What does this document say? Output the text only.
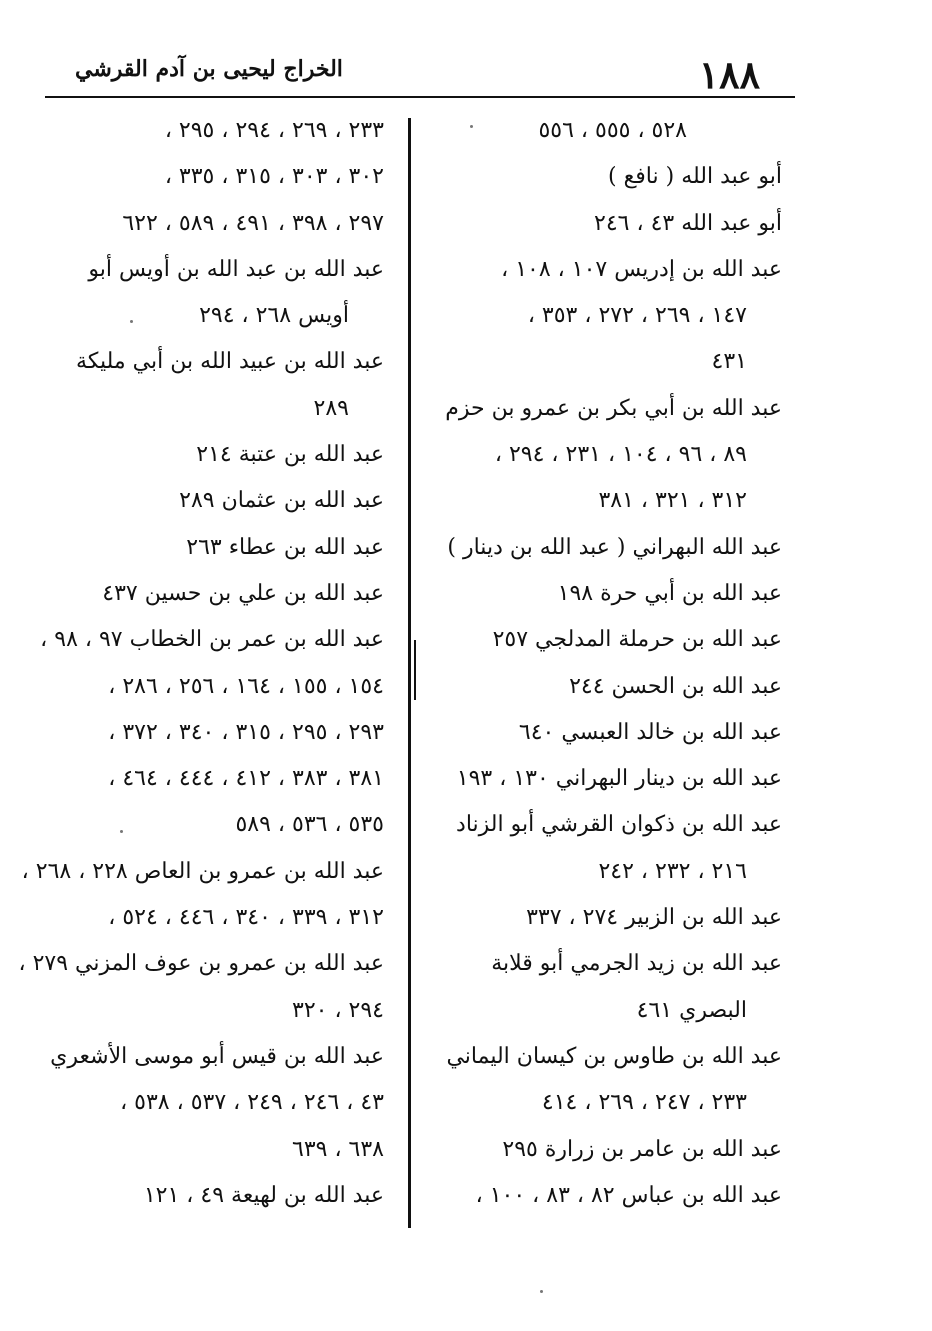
١٨٨
الخراج ليحيى بن آدم القرشي
٥٢٨ ، ٥٥٥ ، ٥٥٦
أبو عبد الله ( نافع )
أبو عبد الله ٤٣ ، ٢٤٦
عبد الله بن إدريس ١٠٧ ، ١٠٨ ،
١٤٧ ، ٢٦٩ ، ٢٧٢ ، ٣٥٣ ،
٤٣١
عبد الله بن أبي بكر بن عمرو بن حزم
٨٩ ، ٩٦ ، ١٠٤ ، ٢٣١ ، ٢٩٤ ،
٣١٢ ، ٣٢١ ، ٣٨١
عبد الله البهراني ( عبد الله بن دينار )
عبد الله بن أبي حرة ١٩٨
عبد الله بن حرملة المدلجي ٢٥٧
عبد الله بن الحسن ٢٤٤
عبد الله بن خالد العبسي ٦٤٠
عبد الله بن دينار البهراني ١٣٠ ، ١٩٣
عبد الله بن ذكوان القرشي أبو الزناد
٢١٦ ، ٢٣٢ ، ٢٤٢
عبد الله بن الزبير ٢٧٤ ، ٣٣٧
عبد الله بن زيد الجرمي أبو قلابة
البصري ٤٦١
عبد الله بن طاوس بن كيسان اليماني
٢٣٣ ، ٢٤٧ ، ٢٦٩ ، ٤١٤
عبد الله بن عامر بن زرارة ٢٩٥
عبد الله بن عباس ٨٢ ، ٨٣ ، ١٠٠ ،
٢٣٣ ، ٢٦٩ ، ٢٩٤ ، ٢٩٥ ،
٣٠٢ ، ٣٠٣ ، ٣١٥ ، ٣٣٥ ،
٢٩٧ ، ٣٩٨ ، ٤٩١ ، ٥٨٩ ، ٦٢٢
عبد الله بن عبد الله بن أويس أبو
أويس ٢٦٨ ، ٢٩٤
عبد الله بن عبيد الله بن أبي مليكة
٢٨٩
عبد الله بن عتبة ٢١٤
عبد الله بن عثمان ٢٨٩
عبد الله بن عطاء ٢٦٣
عبد الله بن علي بن حسين ٤٣٧
عبد الله بن عمر بن الخطاب ٩٧ ، ٩٨ ،
١٥٤ ، ١٥٥ ، ١٦٤ ، ٢٥٦ ، ٢٨٦ ،
٢٩٣ ، ٢٩٥ ، ٣١٥ ، ٣٤٠ ، ٣٧٢ ،
٣٨١ ، ٣٨٣ ، ٤١٢ ، ٤٤٤ ، ٤٦٤ ،
٥٣٥ ، ٥٣٦ ، ٥٨٩
عبد الله بن عمرو بن العاص ٢٢٨ ، ٢٦٨ ،
٣١٢ ، ٣٣٩ ، ٣٤٠ ، ٤٤٦ ، ٥٢٤ ،
عبد الله بن عمرو بن عوف المزني ٢٧٩ ،
٢٩٤ ، ٣٢٠
عبد الله بن قيس أبو موسى الأشعري
٤٣ ، ٢٤٦ ، ٢٤٩ ، ٥٣٧ ، ٥٣٨ ،
٦٣٨ ، ٦٣٩
عبد الله بن لهيعة ٤٩ ، ١٢١
